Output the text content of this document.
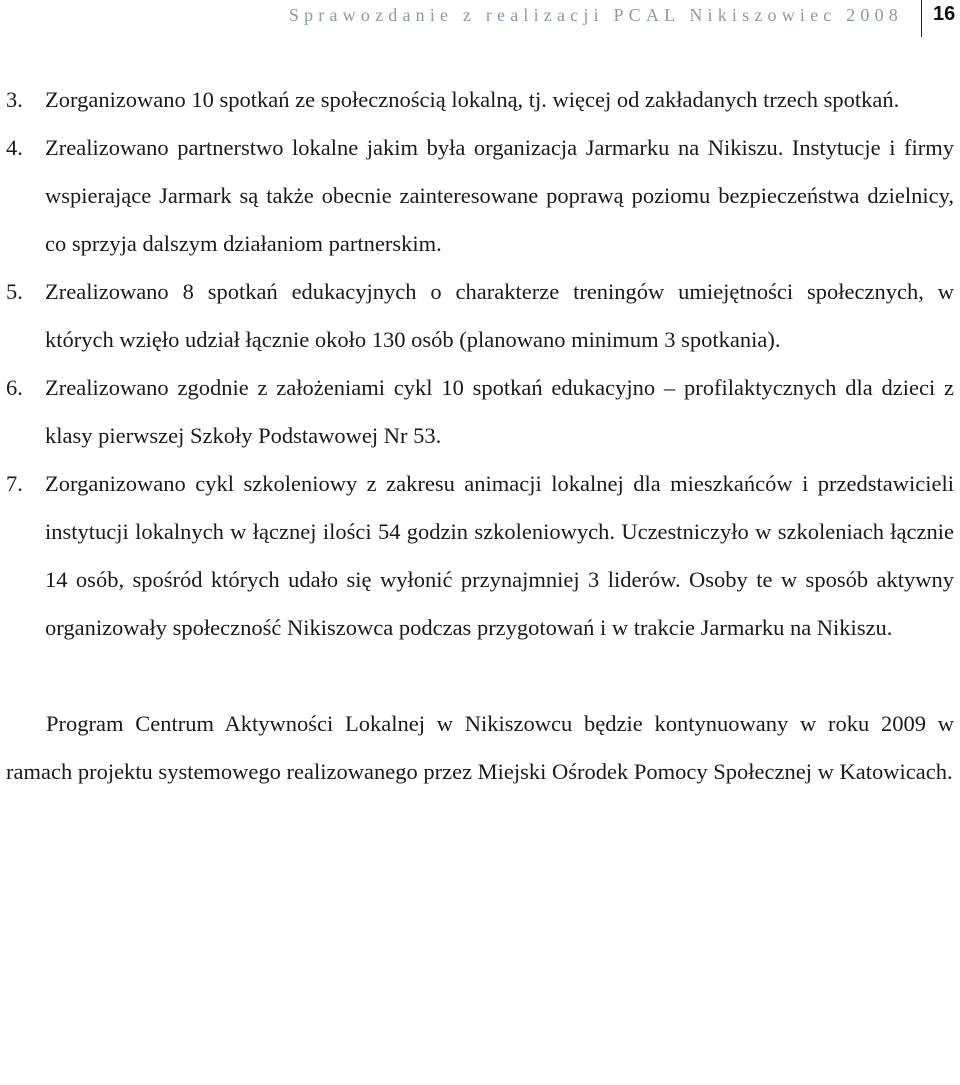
Sprawozdanie z realizacji PCAL Nikiszowiec 2008 16

3. Zorganizowano 10 spotkań ze społecznością lokalną, tj. więcej od zakładanych trzech spotkań.

4. Zrealizowano partnerstwo lokalne jakim była organizacja Jarmarku na Nikiszu. Instytucje i firmy wspierające Jarmark są także obecnie zainteresowane poprawą poziomu bezpieczeństwa dzielnicy, co sprzyja dalszym działaniom partnerskim.

5. Zrealizowano 8 spotkań edukacyjnych o charakterze treningów umiejętności społecznych, w których wzięło udział łącznie około 130 osób (planowano minimum 3 spotkania).

6. Zrealizowano zgodnie z założeniami cykl 10 spotkań edukacyjno – profilaktycznych dla dzieci z klasy pierwszej Szkoły Podstawowej Nr 53.

7. Zorganizowano cykl szkoleniowy z zakresu animacji lokalnej dla mieszkańców i przedstawicieli instytucji lokalnych w łącznej ilości 54 godzin szkoleniowych. Uczestniczyło w szkoleniach łącznie 14 osób, spośród których udało się wyłonić przynajmniej 3 liderów. Osoby te w sposób aktywny organizowały społeczność Nikiszowca podczas przygotowań i w trakcie Jarmarku na Nikiszu.

Program Centrum Aktywności Lokalnej w Nikiszowcu będzie kontynuowany w roku 2009 w ramach projektu systemowego realizowanego przez Miejski Ośrodek Pomocy Społecznej w Katowicach.
